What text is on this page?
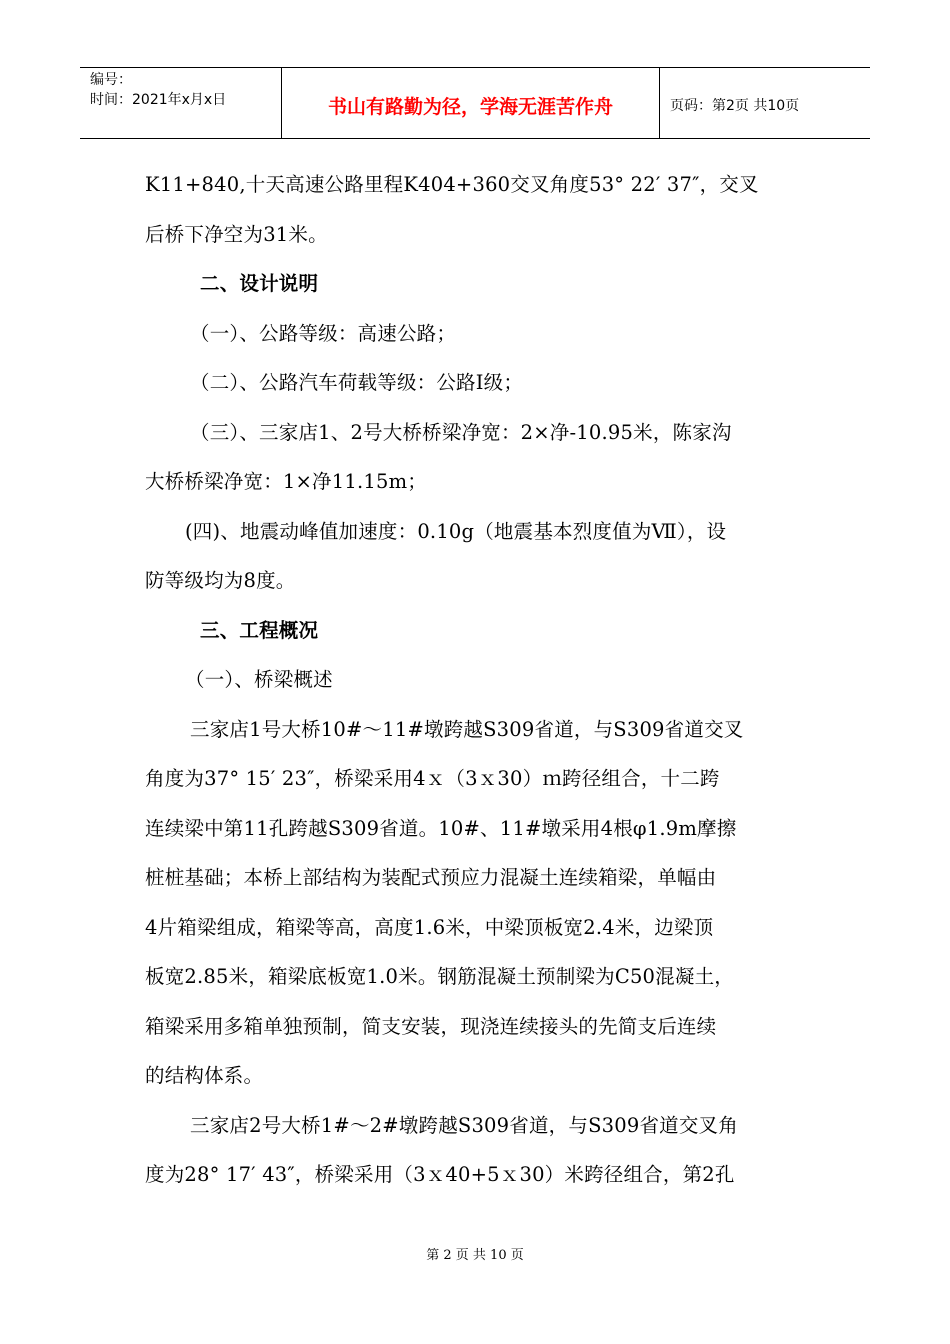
编号：
时间：2021年x月x日	书山有路勤为径，学海无涯苦作舟	页码：第2页 共10页

K11+840,十天高速公路里程K404+360交叉角度53° 22′ 37″，交叉

后桥下净空为31米。

二、设计说明

（一）、公路等级：高速公路；

（二）、公路汽车荷载等级：公路Ⅰ级；

（三）、三家店1、2号大桥桥梁净宽：2×净-10.95米，陈家沟

大桥桥梁净宽：1×净11.15m；

(四)、地震动峰值加速度：0.10g（地震基本烈度值为Ⅶ），设

防等级均为8度。

三、工程概况

（一）、桥梁概述

三家店1号大桥10#～11#墩跨越S309省道，与S309省道交叉

角度为37° 15′ 23″，桥梁采用4ｘ（3ｘ30）ｍ跨径组合，十二跨

连续梁中第11孔跨越S309省道。10#、11#墩采用4根φ1.9m摩擦

桩桩基础；本桥上部结构为装配式预应力混凝土连续箱梁，单幅由

4片箱梁组成，箱梁等高，高度1.6米，中梁顶板宽2.4米，边梁顶

板宽2.85米，箱梁底板宽1.0米。钢筋混凝土预制梁为C50混凝土，

箱梁采用多箱单独预制，简支安装，现浇连续接头的先简支后连续

的结构体系。

三家店2号大桥1#～2#墩跨越S309省道，与S309省道交叉角

度为28° 17′ 43″，桥梁采用（3ｘ40+5ｘ30）米跨径组合，第2孔

第 2 页 共 10 页
